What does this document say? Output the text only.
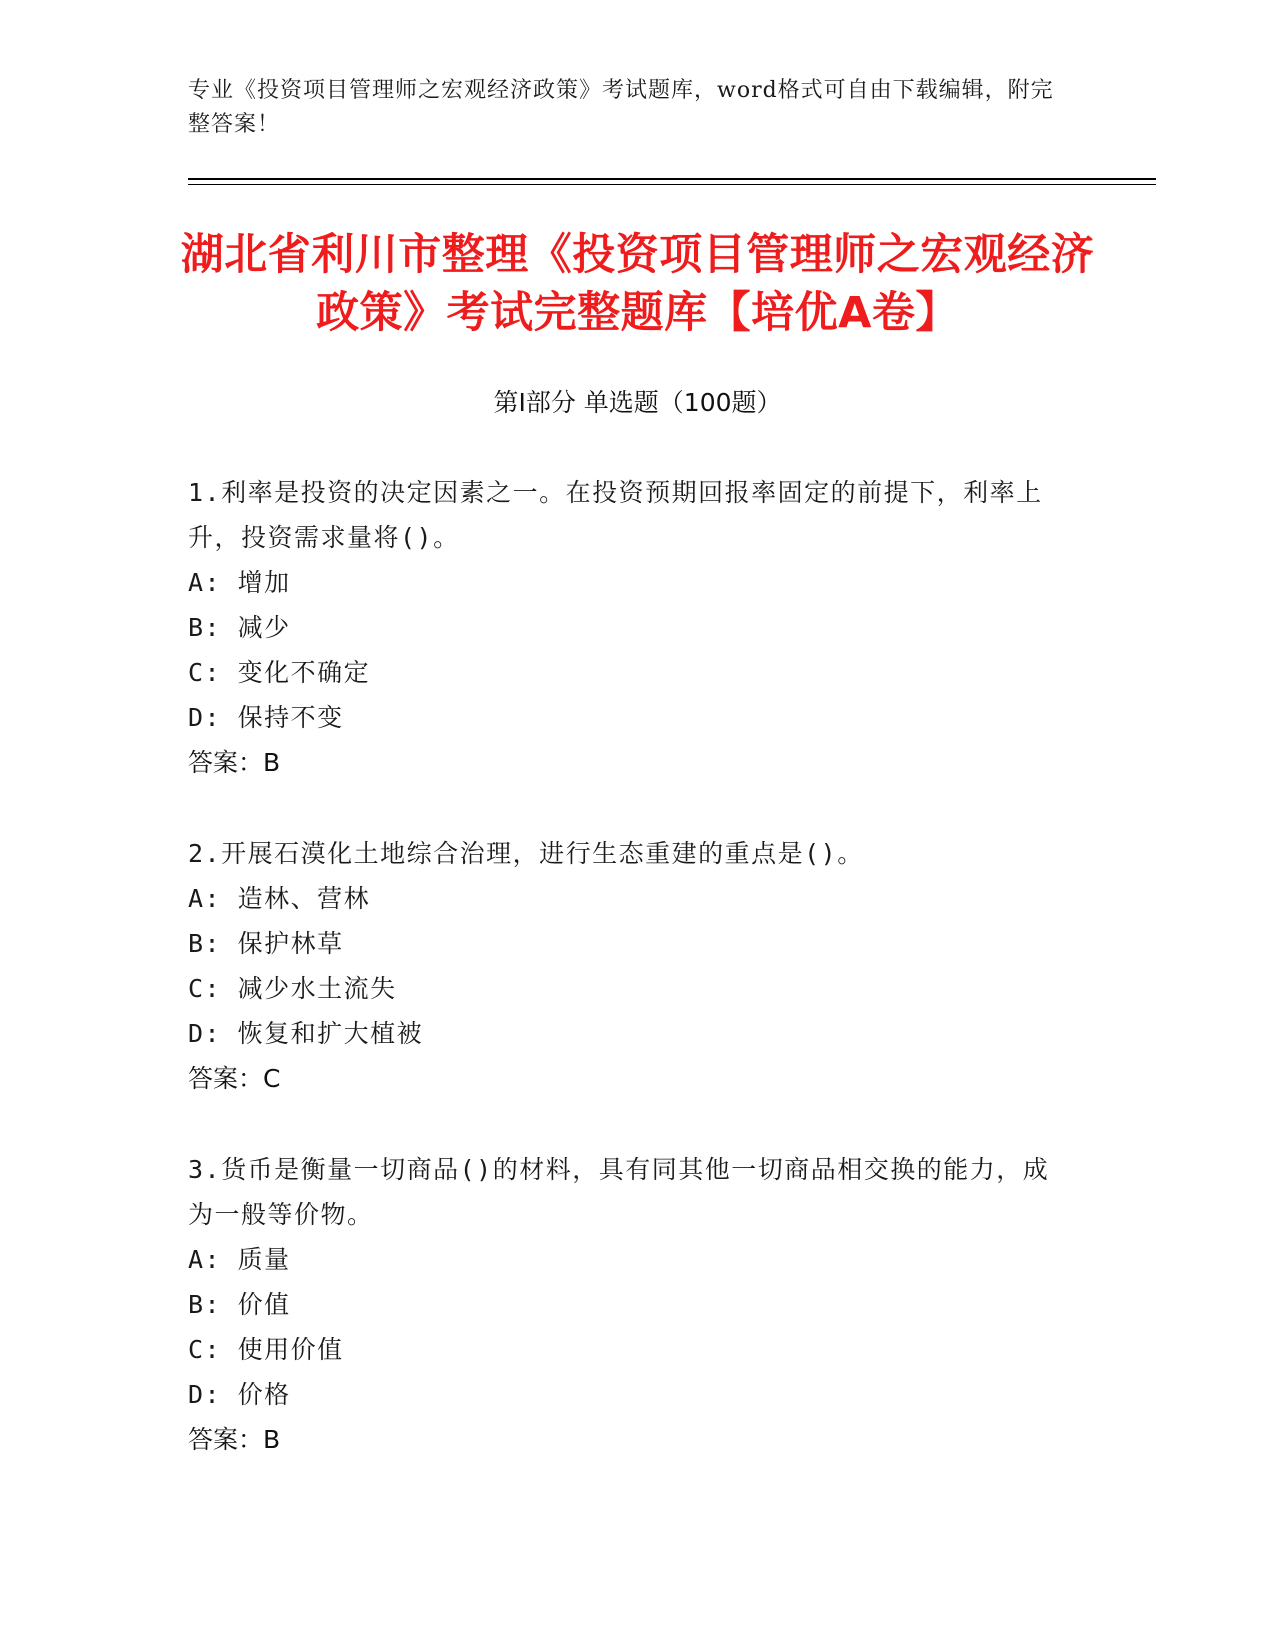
专业《投资项目管理师之宏观经济政策》考试题库，word格式可自由下载编辑，附完整答案！
湖北省利川市整理《投资项目管理师之宏观经济政策》考试完整题库【培优A卷】
第I部分 单选题（100题）
1.利率是投资的决定因素之一。在投资预期回报率固定的前提下，利率上升，投资需求量将()。
A: 增加
B: 减少
C: 变化不确定
D: 保持不变
答案：B
2.开展石漠化土地综合治理，进行生态重建的重点是()。
A: 造林、营林
B: 保护林草
C: 减少水土流失
D: 恢复和扩大植被
答案：C
3.货币是衡量一切商品()的材料，具有同其他一切商品相交换的能力，成为一般等价物。
A: 质量
B: 价值
C: 使用价值
D: 价格
答案：B
